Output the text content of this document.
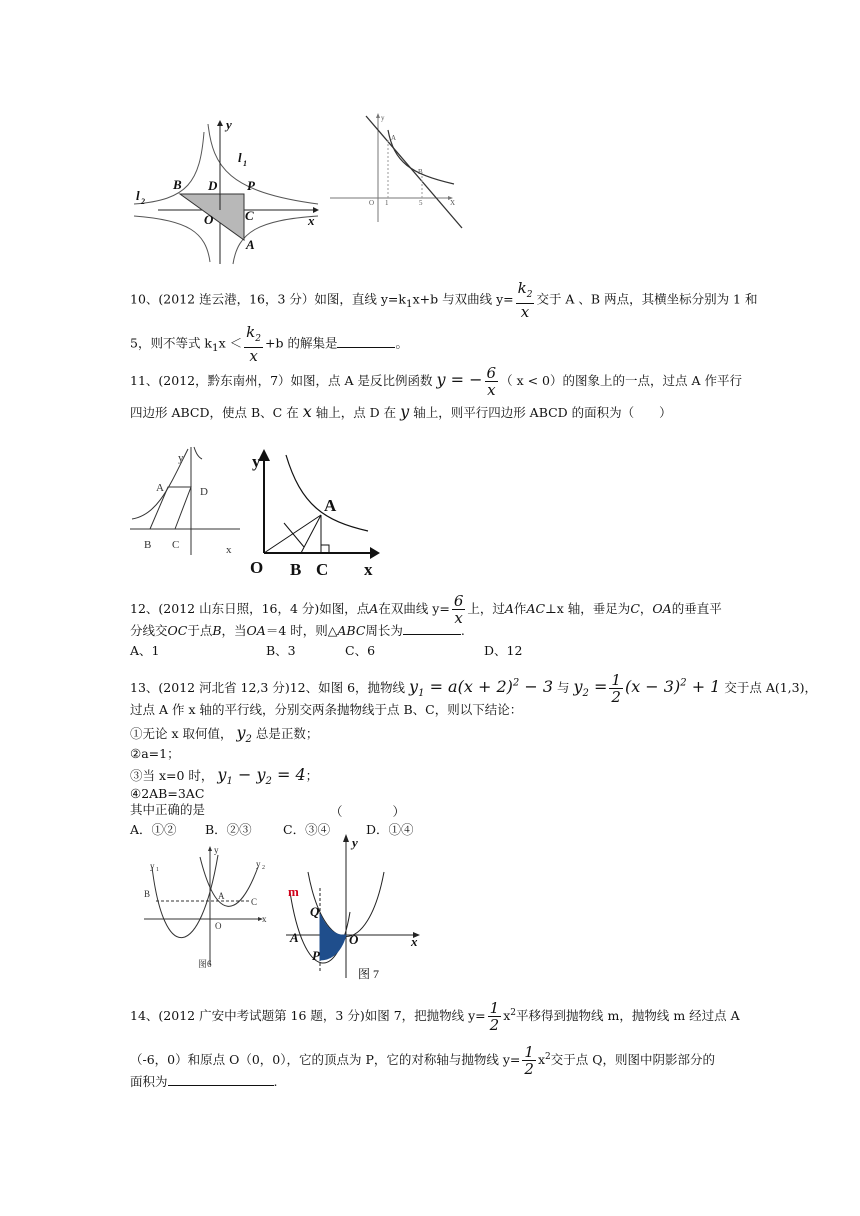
y
l 1
l 2
B D P
O C
A
x
y
A
B
O 1	5	X
10、(2012 连云港，16，3 分）如图，直线 $y=k_1x+b$ 与双曲线 $y= \frac{k_2}{x}$ 交于 A 、B 两点，其横坐标分别为 1 和
5，则不等式 $k_1x < \frac{k_2}{x} +b$ 的解集是	。
11、(2012，黔东南州，7）如图，点 A 是反比例函数 y = − $\frac{6}{x}$ （ x < 0）的图象上的一点，过点 A 作平行
四边形 ABCD，使点 B、C 在 x 轴上，点 D 在 y 轴上，则平行四边形 ABCD 的面积为（　　）
y
A	D
B C	x
y
A
O B C x
12、(2012 山东日照，16，4 分)如图，点A在双曲线 $y= \frac{6}{x}$ 上，过A作AC⊥x 轴，垂足为C，OA的垂直平
分线交OC于点B，当OA＝4 时，则△ABC周长为	.
A、1	B、3	C、6	D、12
13、(2012 河北省 12,3 分)12、如图 6，抛物线 $y_1 = a(x + 2)^2 - 3$ 与 $y_2 = \frac{1}{2} (x - 3)^2 + 1$ 交于点 A(1,3)，
过点 A 作 x 轴的平行线，分别交两条抛物线于点 B、C，则以下结论：
①无论 x 取何值， $y_2$ 总是正数；
②a=1；
③当 x=0 时， $y_1 - y_2 = 4$；
④2AB=3AC
其中正确的是	（　　　　）
A．①② B．②③	C．③④	D．①④
y 1
y
y 2
B	A
C
x
O
图6
y
m
Q
A	O
P
x
图 7
14、(2012 广安中考试题第 16 题，3 分)如图 7，把抛物线 $y= \frac{1}{2} x^2$平移得到抛物线 m，抛物线 m 经过点 A
（-6，0）和原点 O（0，0），它的顶点为 P，它的对称轴与抛物线 $y= \frac{1}{2} x^2$交于点 Q，则图中阴影部分的
面积为	.
